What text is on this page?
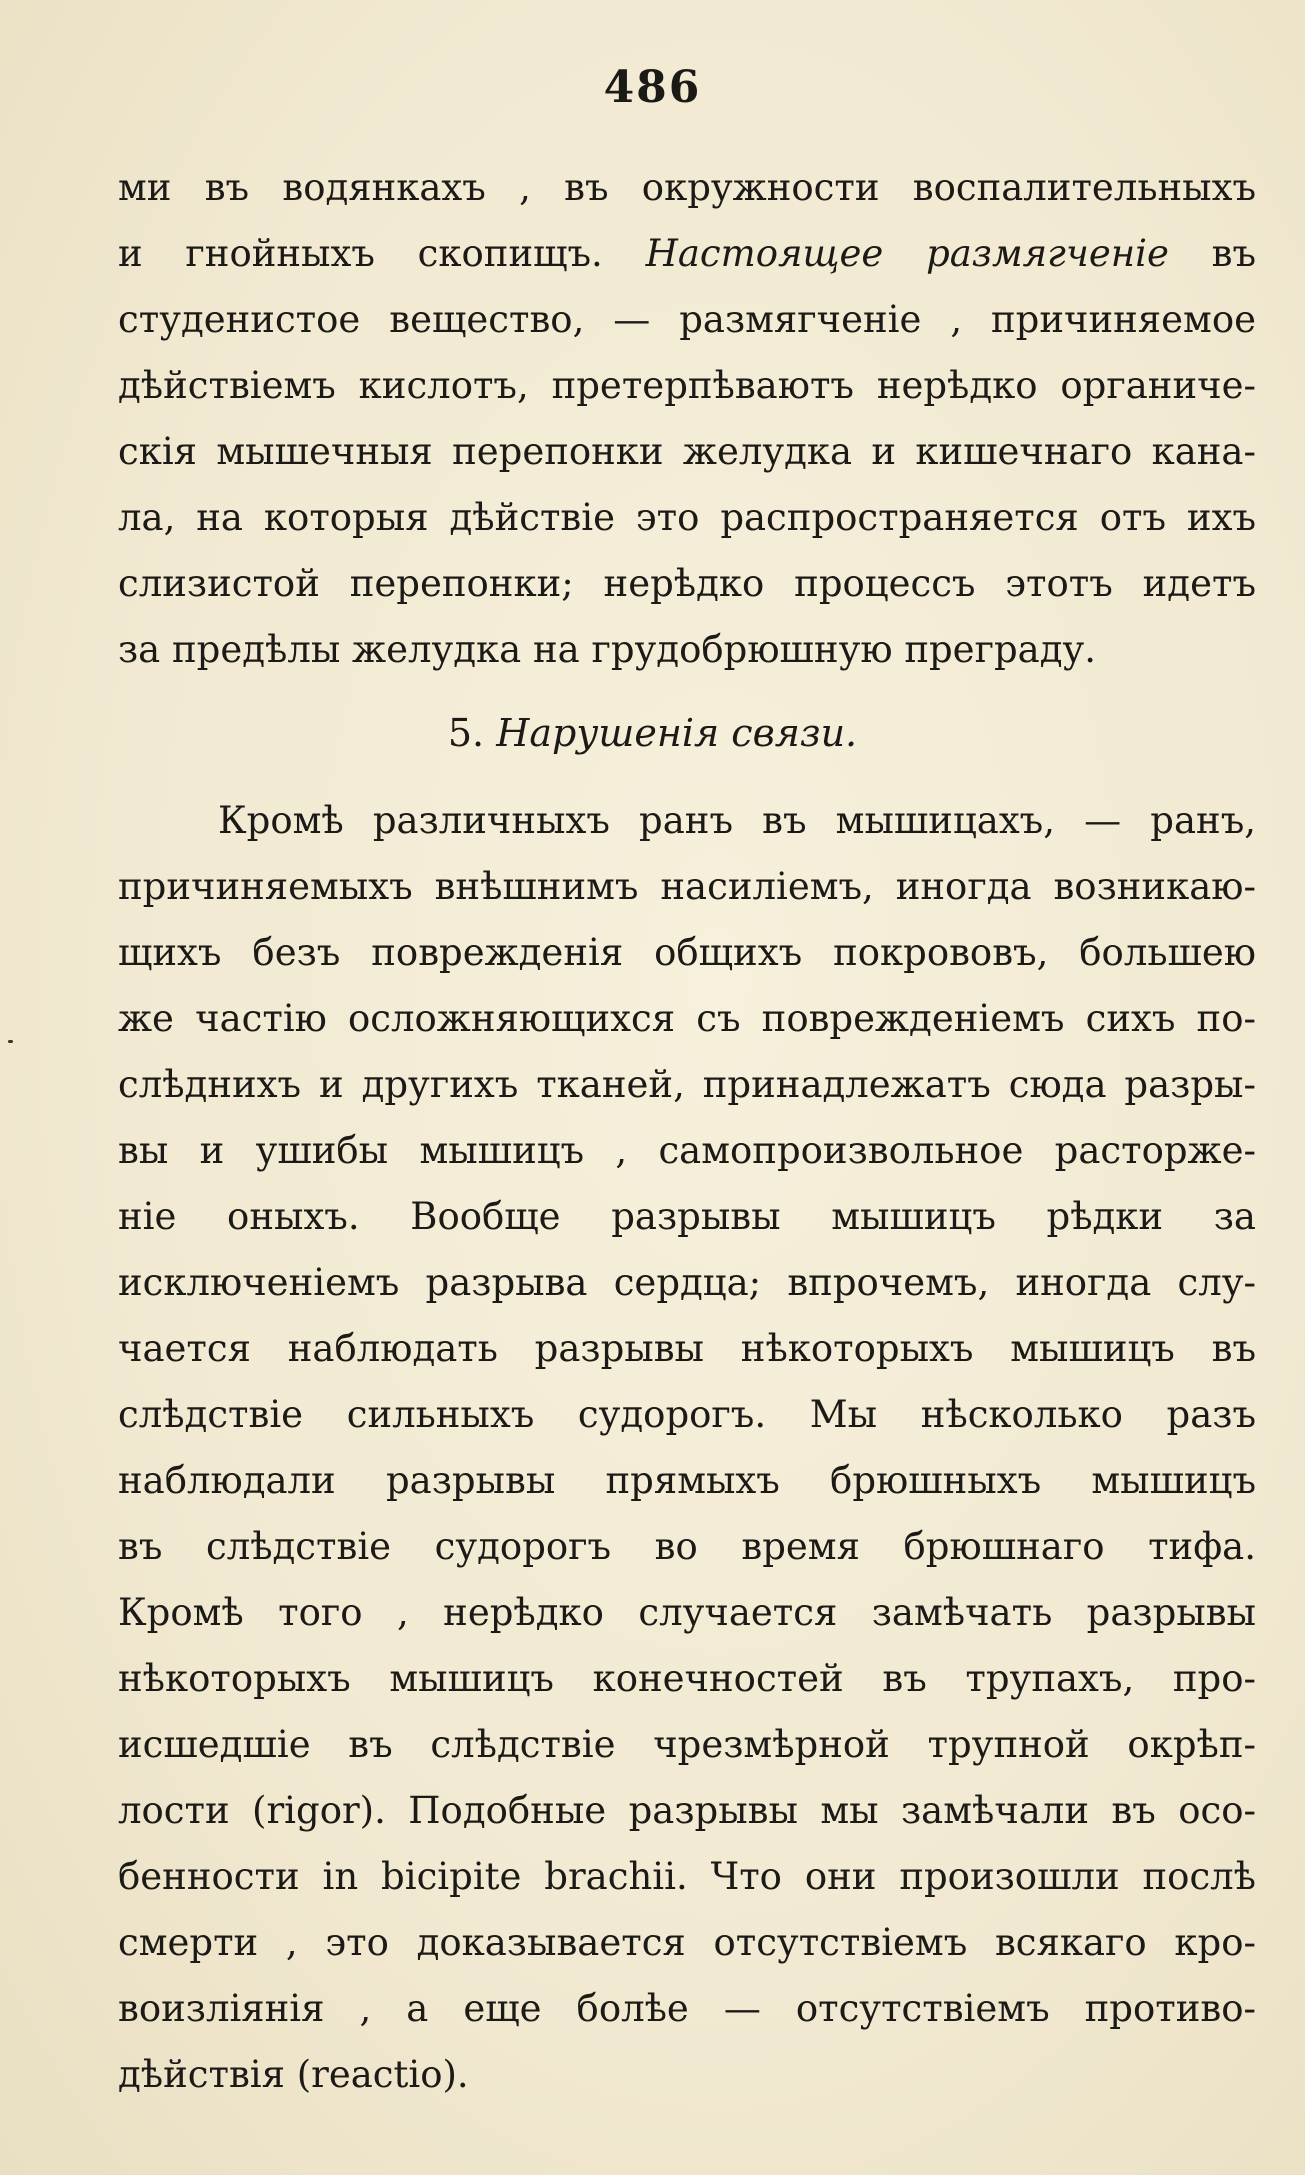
486
ми въ водянкахъ , въ окружности воспалительныхъ
и гнойныхъ скопищъ. Настоящее размягченіе въ
студенистое вещество, — размягченіе , причиняемое
дѣйствіемъ кислотъ, претерпѣваютъ нерѣдко органиче-
скія мышечныя перепонки желудка и кишечнаго кана-
ла, на которыя дѣйствіе это распространяется отъ ихъ
слизистой перепонки; нерѣдко процессъ этотъ идетъ
за предѣлы желудка на грудобрюшную преграду.
5. Нарушенія связи.
Кромѣ различныхъ ранъ въ мышицахъ, — ранъ,
причиняемыхъ внѣшнимъ насиліемъ, иногда возникаю-
щихъ безъ поврежденія общихъ покрововъ, большею
же частію осложняющихся съ поврежденіемъ сихъ по-
слѣднихъ и другихъ тканей, принадлежатъ сюда разры-
вы и ушибы мышицъ , самопроизвольное расторже-
ніе оныхъ. Вообще разрывы мышицъ рѣдки за
исключеніемъ разрыва сердца; впрочемъ, иногда слу-
чается наблюдать разрывы нѣкоторыхъ мышицъ въ
слѣдствіе сильныхъ судорогъ. Мы нѣсколько разъ
наблюдали разрывы прямыхъ брюшныхъ мышицъ
въ слѣдствіе судорогъ во время брюшнаго тифа.
Кромѣ того , нерѣдко случается замѣчать разрывы
нѣкоторыхъ мышицъ конечностей въ трупахъ, про-
исшедшіе въ слѣдствіе чрезмѣрной трупной окрѣп-
лости (rigor). Подобные разрывы мы замѣчали въ осо-
бенности in bicipite brachii. Что они произошли послѣ
смерти , это доказывается отсутствіемъ всякаго кро-
воизліянія , а еще болѣе — отсутствіемъ противо-
дѣйствія (reactio).
